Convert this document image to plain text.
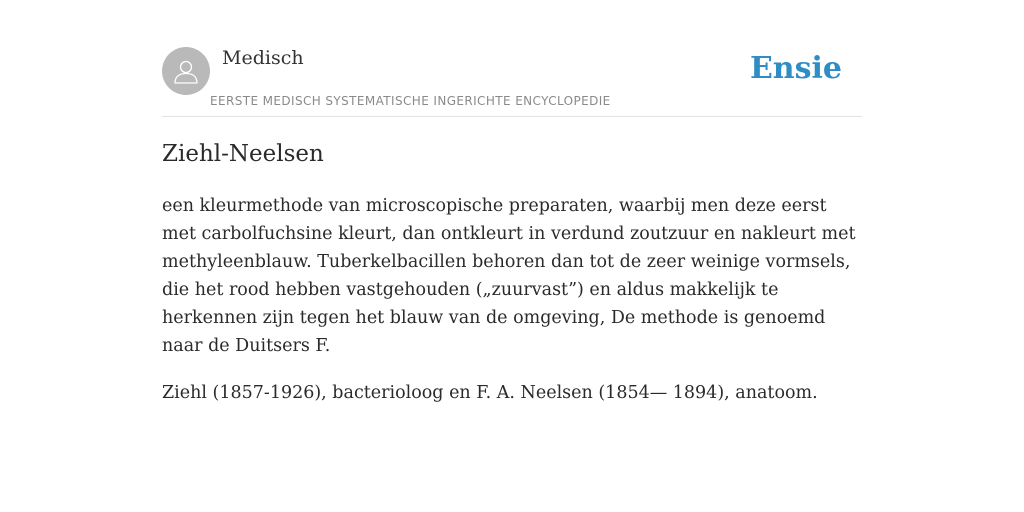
Medisch
EERSTE MEDISCH SYSTEMATISCHE INGERICHTE ENCYCLOPEDIE
Ensie
Ziehl-Neelsen

een kleurmethode van microscopische preparaten, waarbij men deze eerst met carbolfuchsine kleurt, dan ontkleurt in verdund zoutzuur en nakleurt met methyleenblauw. Tuberkelbacillen behoren dan tot de zeer weinige vormsels, die het rood hebben vastgehouden („zuurvast”) en aldus makkelijk te herkennen zijn tegen het blauw van de omgeving, De methode is genoemd naar de Duitsers F.

Ziehl (1857-1926), bacterioloog en F. A. Neelsen (1854— 1894), anatoom.
